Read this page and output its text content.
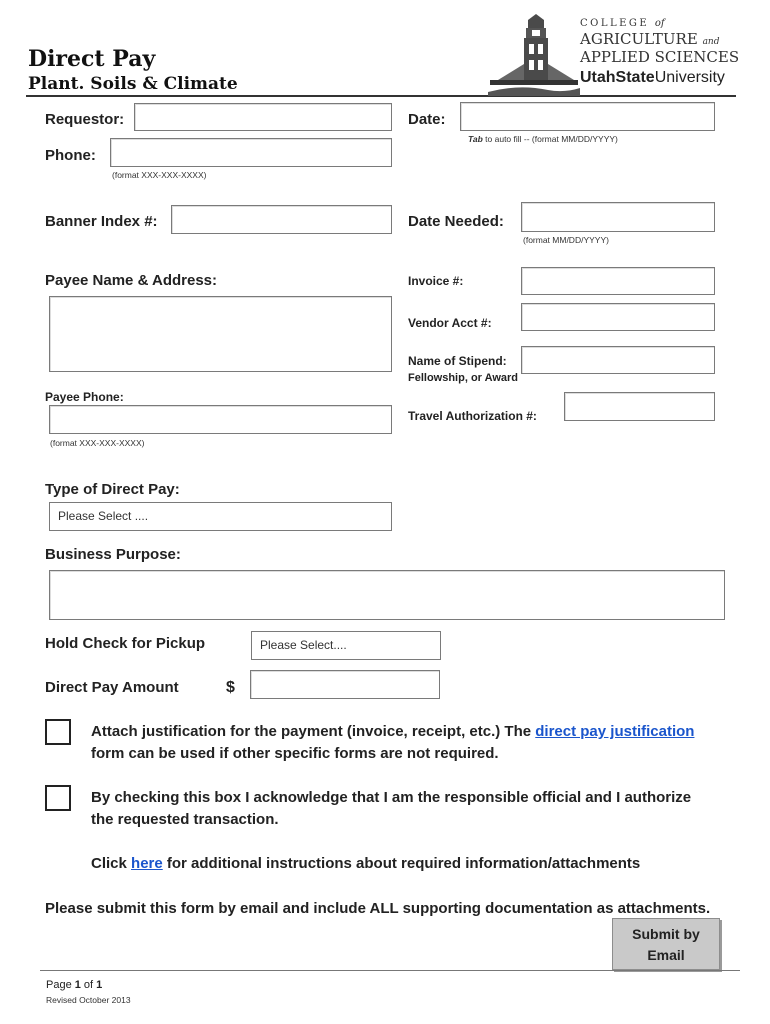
Direct Pay
Plant. Soils & Climate
COLLEGE of
AGRICULTURE and
APPLIED SCIENCES
UtahStateUniversity
Requestor:	Date:
Tab to auto fill -- (format MM/DD/YYYY)
Phone:
(format XXX-XXX-XXXX)
Banner Index #:	Date Needed:
(format MM/DD/YYYY)
Payee Name & Address:	Invoice #:
Vendor Acct #:
Name of Stipend:
Fellowship, or Award
Payee Phone:
(format XXX-XXX-XXXX)
Travel Authorization #:
Type of Direct Pay:
Please Select ....
Business Purpose:
Hold Check for Pickup	Please Select....
Direct Pay Amount	$
Attach justification for the payment (invoice, receipt, etc.) The direct pay justification
form can be used if other specific forms are not required.
By checking this box I acknowledge that I am the responsible official and I authorize
the requested transaction.
Click here for additional instructions about required information/attachments
Please submit this form by email and include ALL supporting documentation as attachments.
Submit by
Email
Page 1 of 1
Revised October 2013
